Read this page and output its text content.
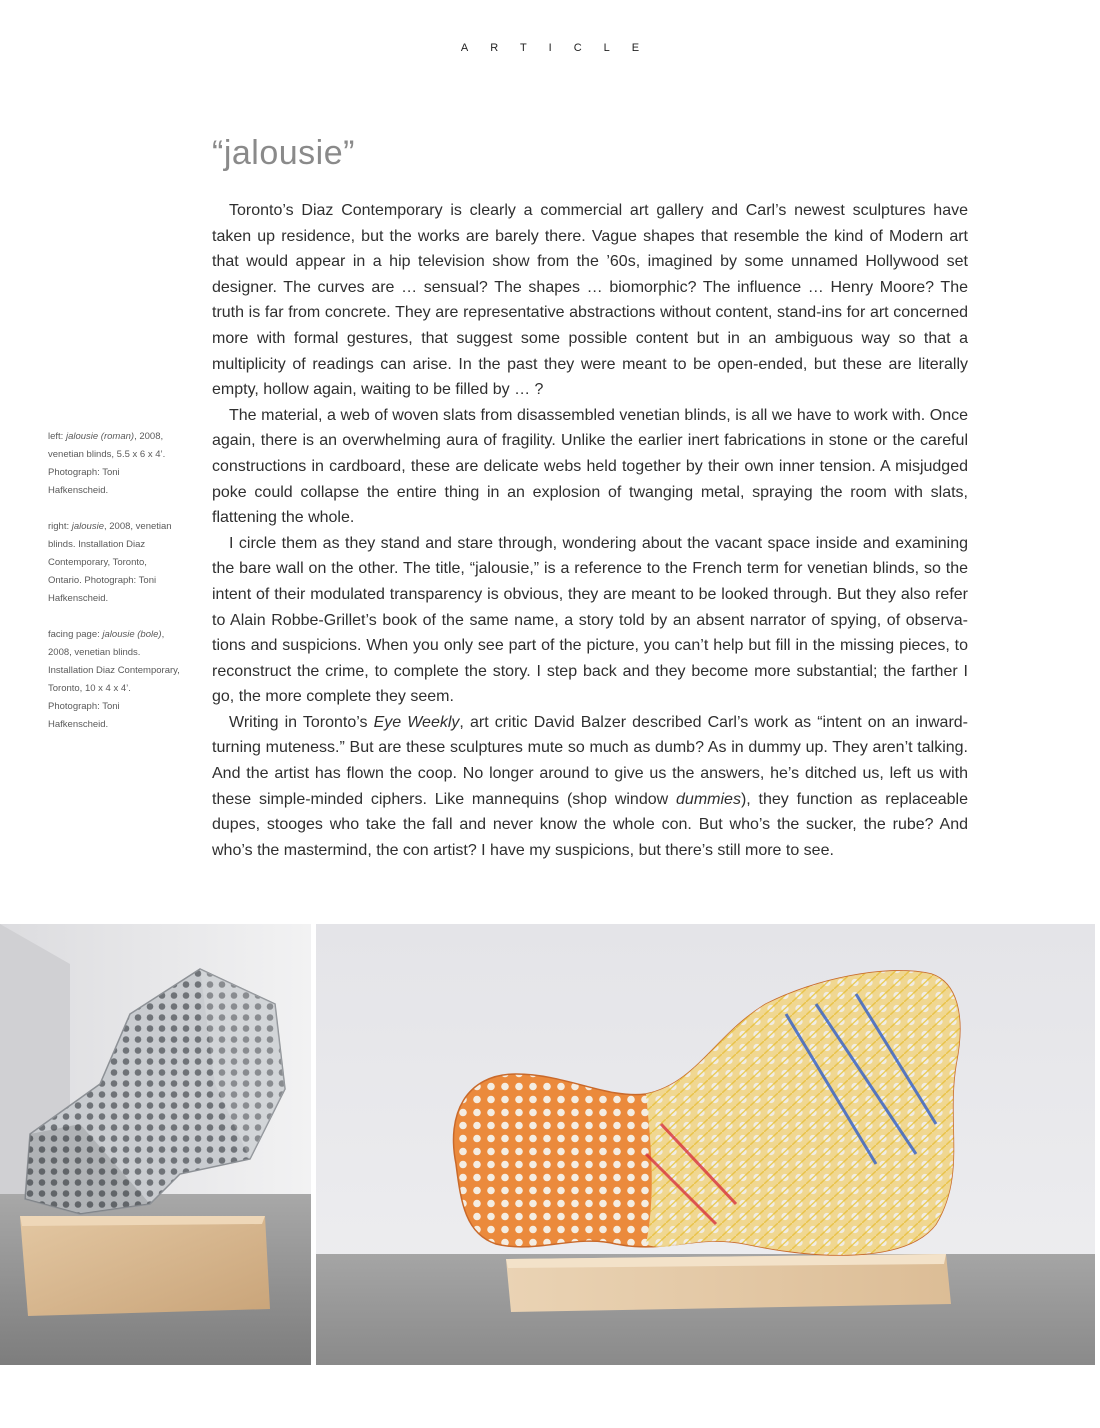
ARTICLE
“jalousie”

Toronto’s Diaz Contemporary is clearly a commercial art gallery and Carl’s newest sculptures have taken up residence, but the works are barely there. Vague shapes that resemble the kind of Modern art that would appear in a hip television show from the ’60s, imagined by some unnamed Hollywood set designer. The curves are … sensual? The shapes … biomorphic? The influence … Henry Moore? The truth is far from concrete. They are representative abstractions without content, stand-ins for art concerned more with formal gestures, that suggest some possible content but in an ambiguous way so that a multiplicity of readings can arise. In the past they were meant to be open-ended, but these are literally empty, hollow again, waiting to be filled by … ?

The material, a web of woven slats from disassembled venetian blinds, is all we have to work with. Once again, there is an overwhelming aura of fragility. Unlike the earlier inert fabrications in stone or the careful constructions in cardboard, these are delicate webs held together by their own inner tension. A misjudged poke could collapse the entire thing in an explosion of twanging metal, spraying the room with slats, flattening the whole.

I circle them as they stand and stare through, wondering about the vacant space inside and examining the bare wall on the other. The title, “jalousie,” is a reference to the French term for venetian blinds, so the intent of their modulated transparency is obvious, they are meant to be looked through. But they also refer to Alain Robbe-Grillet’s book of the same name, a story told by an absent narrator of spying, of observa-tions and suspicions. When you only see part of the picture, you can’t help but fill in the missing pieces, to reconstruct the crime, to complete the story. I step back and they become more substantial; the farther I go, the more complete they seem.

Writing in Toronto’s Eye Weekly, art critic David Balzer described Carl’s work as “intent on an inward-turning muteness.” But are these sculptures mute so much as dumb? As in dummy up. They aren’t talking. And the artist has flown the coop. No longer around to give us the answers, he’s ditched us, left us with these simple-minded ciphers. Like mannequins (shop window dummies), they function as replaceable dupes, stooges who take the fall and never know the whole con. But who’s the sucker, the rube? And who’s the mastermind, the con artist? I have my suspicions, but there’s still more to see.

left: jalousie (roman), 2008, venetian blinds, 5.5 x 6 x 4’. Photograph: Toni Hafkenscheid.

right: jalousie, 2008, venetian blinds. Installation Diaz Contemporary, Toronto, Ontario. Photograph: Toni Hafkenscheid.

facing page: jalousie (bole), 2008, venetian blinds. Installation Diaz Contemporary, Toronto, 10 x 4 x 4’. Photograph: Toni Hafkenscheid.
